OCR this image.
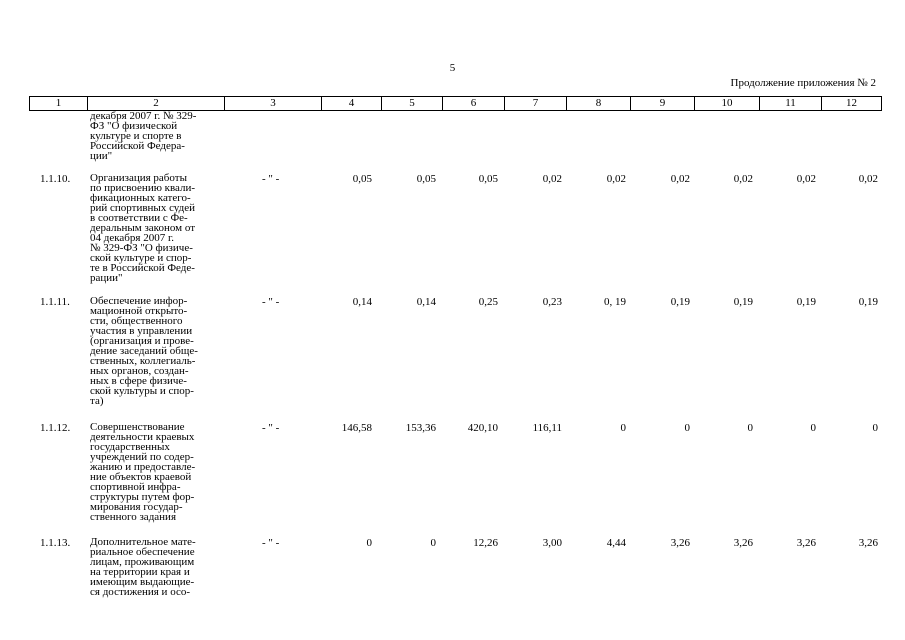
5
Продолжение приложения № 2
1	2	3	4	5	6	7	8	9	10	11	12
декабря 2007 г. № 329-
ФЗ "О физической
культуре и спорте в
Российской Федера-
ции"
1.1.10. Организация работы
по присвоению квали-
фикационных катего-
рий спортивных судей
в соответствии с Фе-
деральным законом от
04 декабря 2007 г.
№ 329-ФЗ "О физиче-
ской культуре и спор-
те в Российской Феде-
рации"
- " -	0,05	0,05	0,05	0,02	0,02	0,02	0,02	0,02	0,02
1.1.11. Обеспечение инфор-
мационной открыто-
сти, общественного
участия в управлении
(организация и прове-
дение заседаний обще-
ственных, коллегиаль-
ных органов, создан-
ных в сфере физиче-
ской культуры и спор-
та)
- " -	0,14	0,14	0,25	0,23	0, 19	0,19	0,19	0,19	0,19
1.1.12. Совершенствование
деятельности краевых
государственных
учреждений по содер-
жанию и предоставле-
ние объектов краевой
спортивной инфра-
структуры путем фор-
мирования государ-
ственного задания
- " -	146,58	153,36	420,10	116,11	0	0	0	0	0
1.1.13. Дополнительное мате-
риальное обеспечение
лицам, проживающим
на территории края и
имеющим выдающие-
ся достижения и осо-
- " -	0	0	12,26	3,00	4,44	3,26	3,26	3,26	3,26
